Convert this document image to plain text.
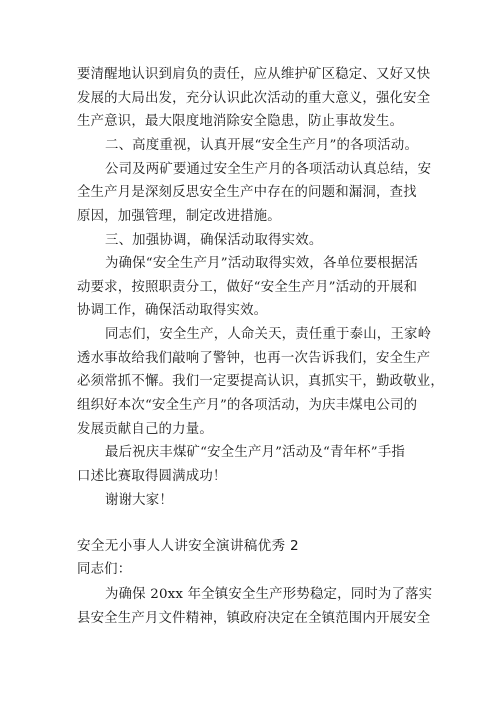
要清醒地认识到肩负的责任，应从维护矿区稳定、又好又快
发展的大局出发，充分认识此次活动的重大意义，强化安全
生产意识，最大限度地消除安全隐患，防止事故发生。
二、高度重视，认真开展“安全生产月”的各项活动。
公司及两矿要通过安全生产月的各项活动认真总结，安
全生产月是深刻反思安全生产中存在的问题和漏洞，查找
原因，加强管理，制定改进措施。
三、加强协调，确保活动取得实效。
为确保“安全生产月”活动取得实效，各单位要根据活
动要求，按照职责分工，做好“安全生产月”活动的开展和
协调工作，确保活动取得实效。
同志们，安全生产，人命关天，责任重于泰山，王家岭
透水事故给我们敲响了警钟，也再一次告诉我们，安全生产
必须常抓不懈。我们一定要提高认识，真抓实干，勤政敬业，
组织好本次“安全生产月”的各项活动，为庆丰煤电公司的
发展贡献自己的力量。
最后祝庆丰煤矿“安全生产月”活动及“青年杯”手指
口述比赛取得圆满成功！
谢谢大家！
安全无小事人人讲安全演讲稿优秀 2
同志们：
为确保 20xx 年全镇安全生产形势稳定，同时为了落实
县安全生产月文件精神，镇政府决定在全镇范围内开展安全
